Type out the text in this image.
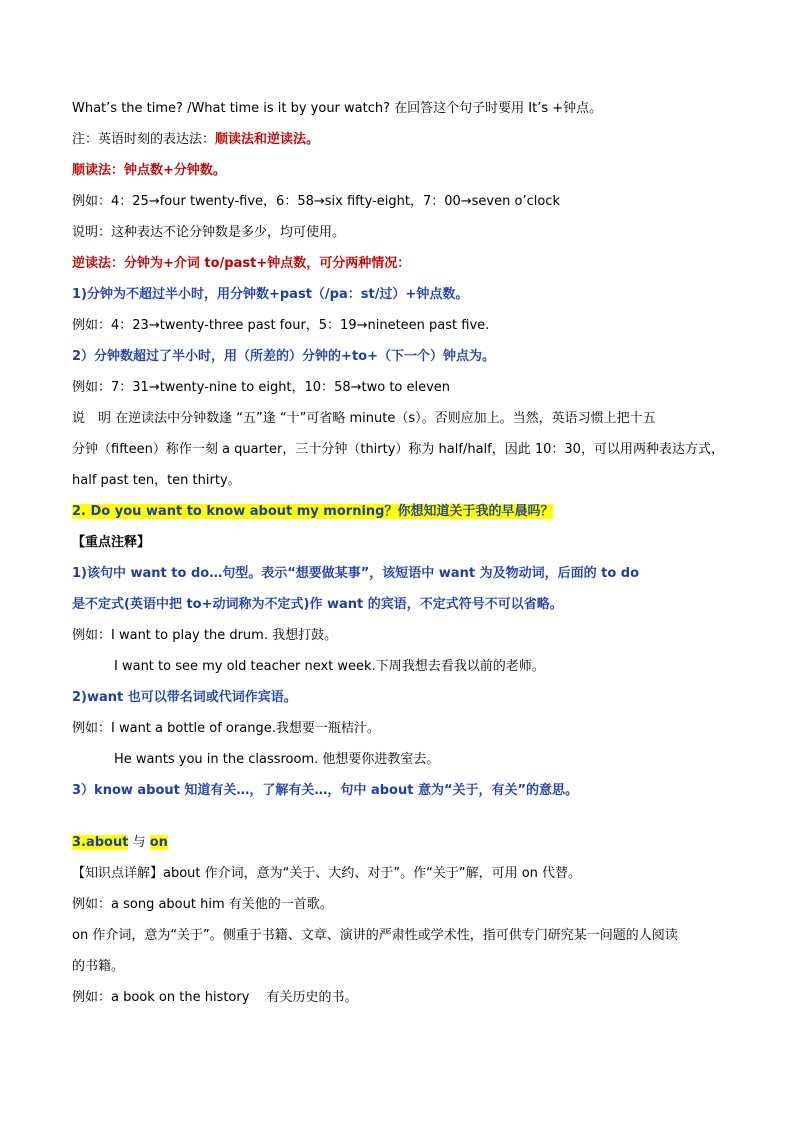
What’s the time? /What time is it by your watch? 在回答这个句子时要用 It’s +钟点。
注：英语时刻的表达法：顺读法和逆读法。
顺读法：钟点数+分钟数。
例如：4：25→four twenty-five，6：58→six fifty-eight，7：00→seven o’clock
说明：这种表达不论分钟数是多少，均可使用。
逆读法：分钟为+介词 to/past+钟点数，可分两种情况：
1)分钟为不超过半小时，用分钟数+past（/pa：st/过）+钟点数。
例如：4：23→twenty-three past four，5：19→nineteen past five.
2）分钟数超过了半小时，用（所差的）分钟的+to+（下一个）钟点为。
例如：7：31→twenty-nine to eight，10：58→two to eleven
说　明 在逆读法中分钟数逢 “五”逢 “十”可省略 minute（s）。否则应加上。当然，英语习惯上把十五
分钟（fifteen）称作一刻 a quarter，三十分钟（thirty）称为 half/half，因此 10：30，可以用两种表达方式，
half past ten，ten thirty。
2. Do you want to know about my morning？你想知道关于我的早晨吗？
【重点注释】
1)该句中 want to do…句型。表示“想要做某事”，该短语中 want 为及物动词，后面的 to do
是不定式(英语中把 to+动词称为不定式)作 want 的宾语，不定式符号不可以省略。
例如：I want to play the drum. 我想打鼓。
I want to see my old teacher next week.下周我想去看我以前的老师。
2)want 也可以带名词或代词作宾语。
例如：I want a bottle of orange.我想要一瓶桔汁。
He wants you in the classroom. 他想要你进教室去。
3）know about 知道有关…，了解有关…，句中 about 意为“关于，有关”的意思。
3.about 与 on
【知识点详解】about 作介词，意为“关于、大约、对于”。作“关于”解，可用 on 代替。
例如：a song about him 有关他的一首歌。
on 作介词，意为“关于”。侧重于书籍、文章、演讲的严肃性或学术性，指可供专门研究某一问题的人阅读
的书籍。
例如：a book on the history　 有关历史的书。
